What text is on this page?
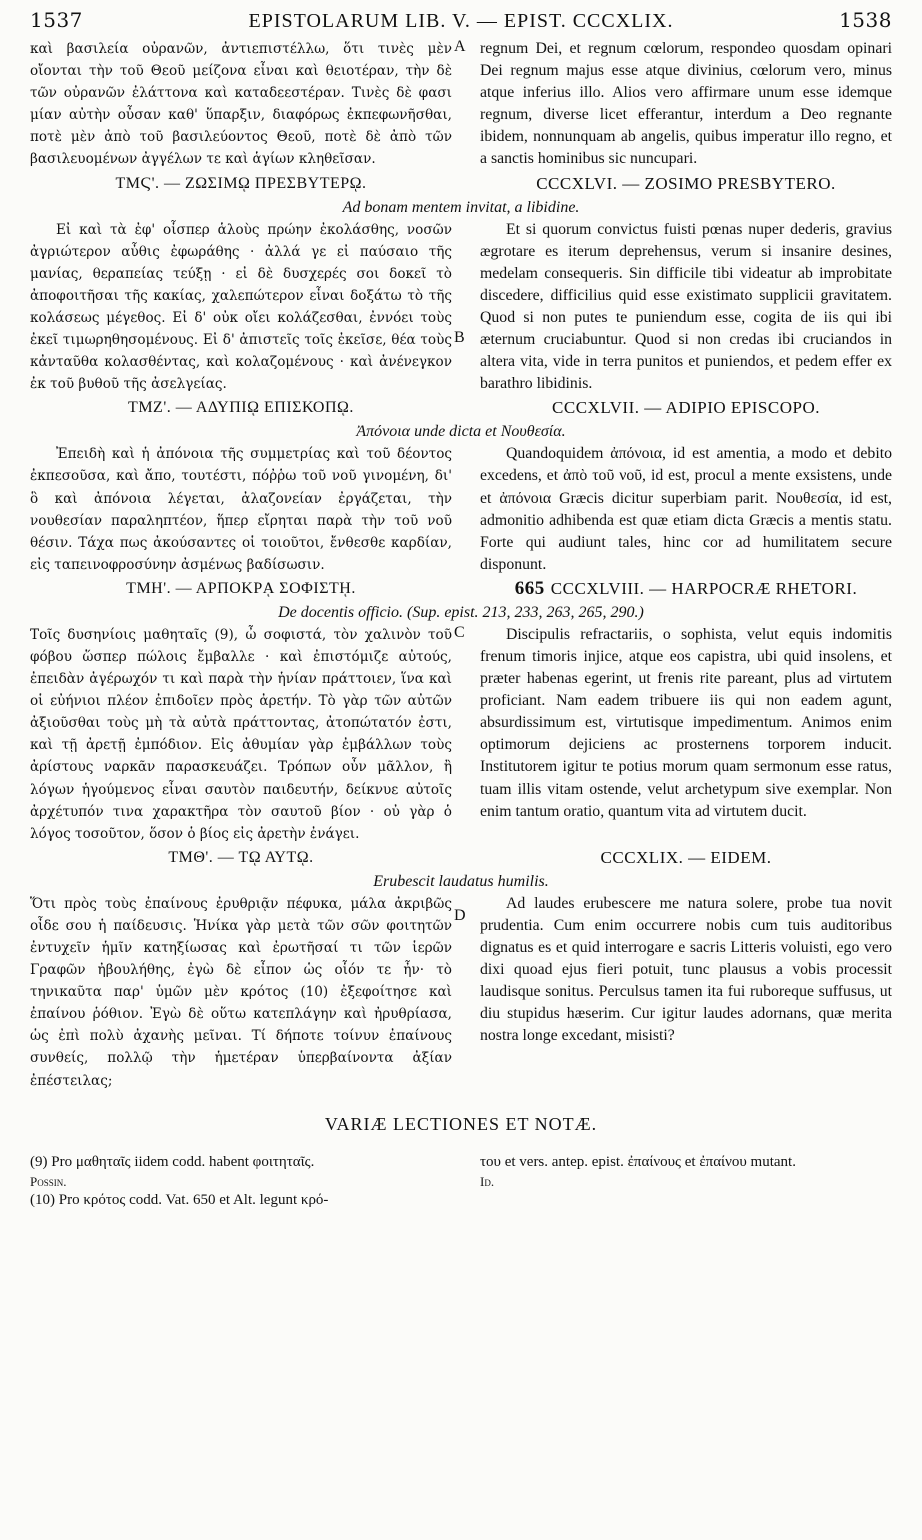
1537	EPISTOLARUM LIB. V. — EPIST. CCCXLIX.	1538

καὶ βασιλεία οὐρανῶν, ἀντιεπιστέλλω, ὅτι τινὲς μὲν οἴονται τὴν τοῦ Θεοῦ μείζονα εἶναι καὶ θειοτέραν, τὴν δὲ τῶν οὐρανῶν ἐλάττονα καὶ καταδεεστέραν. Τινὲς δὲ φασι μίαν αὐτὴν οὖσαν καθ' ὕπαρξιν, διαφόρως ἐκπεφωνῆσθαι, ποτὲ μὲν ἀπὸ τοῦ βασιλεύοντος Θεοῦ, ποτὲ δὲ ἀπὸ τῶν βασιλευομένων ἀγγέλων τε καὶ ἁγίων κληθεῖσαν.

A regnum Dei, et regnum cœlorum, respondeo quosdam opinari Dei regnum majus esse atque divinius, cœlorum vero, minus atque inferius illo. Alios vero affirmare unum esse idemque regnum, diverse licet efferantur, interdum a Deo regnante ibidem, nonnunquam ab angelis, quibus imperatur illo regno, et a sanctis hominibus sic nuncupari.

ΤΜϚ'. — ΖΩΣΙΜῼ ΠΡΕΣΒΥΤΕΡῼ.	CCCXLVI. — ZOSIMO PRESBYTERO.
Ad bonam mentem invitat, a libidine.

Εἰ καὶ τὰ ἐφ' οἷσπερ ἁλοὺς πρώην ἐκολάσθης, νοσῶν ἀγριώτερον αὖθις ἐφωράθης · ἀλλά γε εἰ παύσαιο τῆς μανίας, θεραπείας τεύξῃ · εἰ δὲ δυσχερές σοι δοκεῖ τὸ ἀποφοιτῆσαι τῆς κακίας, χαλεπώτερον εἶναι δοξάτω τὸ τῆς κολάσεως μέγεθος. Εἰ δ' οὐκ οἴει κολάζεσθαι, ἐννόει τοὺς ἐκεῖ τιμωρηθησομένους. Εἰ δ' ἀπιστεῖς τοῖς ἐκεῖσε, θέα τοὺς κἀνταῦθα κολασθέντας, καὶ κολαζομένους · καὶ ἀνένεγκον ἐκ τοῦ βυθοῦ τῆς ἀσελγείας.

B

Et si quorum convictus fuisti pœnas nuper dederis, gravius ægrotare es iterum deprehensus, verum si insanire desines, medelam consequeris. Sin difficile tibi videatur ab improbitate discedere, difficilius quid esse existimato supplicii gravitatem. Quod si non putes te puniendum esse, cogita de iis qui ibi æternum cruciabuntur. Quod si non credas ibi cruciandos in altera vita, vide in terra punitos et puniendos, et pedem effer ex barathro libidinis.

ΤΜΖ'. — ΑΔΥΠΙῼ ΕΠΙΣΚΟΠῼ.	CCCXLVII. — ADIPIO EPISCOPO.
Ἀπόνοια unde dicta et Νουθεσία.

Ἐπειδὴ καὶ ἡ ἀπόνοια τῆς συμμετρίας καὶ τοῦ δέοντος ἐκπεσοῦσα, καὶ ἄπο, τουτέστι, πόῤῥω τοῦ νοῦ γινομένη, δι' ὃ καὶ ἀπόνοια λέγεται, ἀλαζονείαν ἐργάζεται, τὴν νουθεσίαν παραληπτέον, ἥπερ εἴρηται παρὰ τὴν τοῦ νοῦ θέσιν. Τάχα πως ἀκούσαντες οἱ τοιοῦτοι, ἔνθεσθε καρδίαν, εἰς ταπεινοφροσύνην ἀσμένως βαδίσωσιν.

Quandoquidem ἀπόνοια, id est amentia, a modo et debito excedens, et ἀπὸ τοῦ νοῦ, id est, procul a mente exsistens, unde et ἀπόνοια Græcis dicitur superbiam parit. Νουθεσία, id est, admonitio adhibenda est quæ etiam dicta Græcis a mentis statu. Forte qui audiunt tales, hinc cor ad humilitatem secure disponunt.

ΤΜΗ'. — ΑΡΠΟΚΡᾼ ΣΟΦΙΣΤῌ.	665 CCCXLVIII. — HARPOCRÆ RHETORI.
De docentis officio. (Sup. epist. 213, 233, 263, 265, 290.)

Τοῖς δυσηνίοις μαθηταῖς (9), ὦ σοφιστά, τὸν χαλινὸν τοῦ φόβου ὥσπερ πώλοις ἔμβαλλε · καὶ ἐπιστόμιζε αὐτούς, ἐπειδὰν ἀγέρωχόν τι καὶ παρὰ τὴν ἡνίαν πράττοιεν, ἵνα καὶ οἱ εὐήνιοι πλέον ἐπιδοῖεν πρὸς ἀρετήν. Τὸ γὰρ τῶν αὐτῶν ἀξιοῦσθαι τοὺς μὴ τὰ αὐτὰ πράττοντας, ἀτοπώτατόν ἐστι, καὶ τῇ ἀρετῇ ἐμπόδιον. Εἰς ἀθυμίαν γὰρ ἐμβάλλων τοὺς ἀρίστους ναρκᾶν παρασκευάζει. Τρόπων οὖν μᾶλλον, ἢ λόγων ἡγούμενος εἶναι σαυτὸν παιδευτήν, δείκνυε αὐτοῖς ἀρχέτυπόν τινα χαρακτῆρα τὸν σαυτοῦ βίον · οὐ γὰρ ὁ λόγος τοσοῦτον, ὅσον ὁ βίος εἰς ἀρετὴν ἐνάγει.

C	Discipulis refractariis, o sophista, velut equis indomitis frenum timoris injice, atque eos capistra, ubi quid insolens, et præter habenas egerint, ut frenis rite pareant, plus ad virtutem proficiant. Nam eadem tribuere iis qui non eadem agunt, absurdissimum est, virtutisque impedimentum. Animos enim optimorum dejiciens ac prosternens torporem inducit. Institutorem igitur te potius morum quam sermonum esse ratus, tuam illis vitam ostende, velut archetypum sive exemplar. Non enim tantum oratio, quantum vita ad virtutem ducit.

ΤΜΘ'. — Τῼ ΑΥΤῼ.	CCCXLIX. — EIDEM.
Erubescit laudatus humilis.

Ὅτι πρὸς τοὺς ἐπαίνους ἐρυθριᾷν πέφυκα, μάλα ἀκριβῶς οἶδε σου ἡ παίδευσις. Ἡνίκα γὰρ μετὰ τῶν σῶν φοιτητῶν ἐντυχεῖν ἡμῖν κατηξίωσας καὶ ἐρωτῆσαί τι τῶν ἱερῶν Γραφῶν ἠβουλήθης, ἐγὼ δὲ εἶπον ὡς οἷόν τε ἦν· τὸ τηνικαῦτα παρ' ὑμῶν μὲν κρότος (10) ἐξεφοίτησε καὶ ἐπαίνου ῥόθιον. Ἐγὼ δὲ οὕτω κατεπλάγην καὶ ἠρυθρίασα, ὡς ἐπὶ πολὺ ἀχανὴς μεῖναι. Τί δήποτε τοίνυν ἐπαίνους συνθείς, πολλῷ τὴν ἡμετέραν ὑπερβαίνοντα ἀξίαν ἐπέστειλας;

D

Ad laudes erubescere me natura solere, probe tua novit prudentia. Cum enim occurrere nobis cum tuis auditoribus dignatus es et quid interrogare e sacris Litteris voluisti, ego vero dixi quoad ejus fieri potuit, tunc plausus a vobis processit laudisque sonitus. Perculsus tamen ita fui ruboreque suffusus, ut diu stupidus hæserim. Cur igitur laudes adornans, quæ merita nostra longe excedant, misisti?

VARIÆ LECTIONES ET NOTÆ.

(9) Pro μαθηταῖς iidem codd. habent φοιτηταῖς.

Possin.

(10) Pro κρότος codd. Vat. 650 et Alt. legunt κρό-

του et vers. antep. epist. ἐπαίνους et ἐπαίνου mutant.

Id.
